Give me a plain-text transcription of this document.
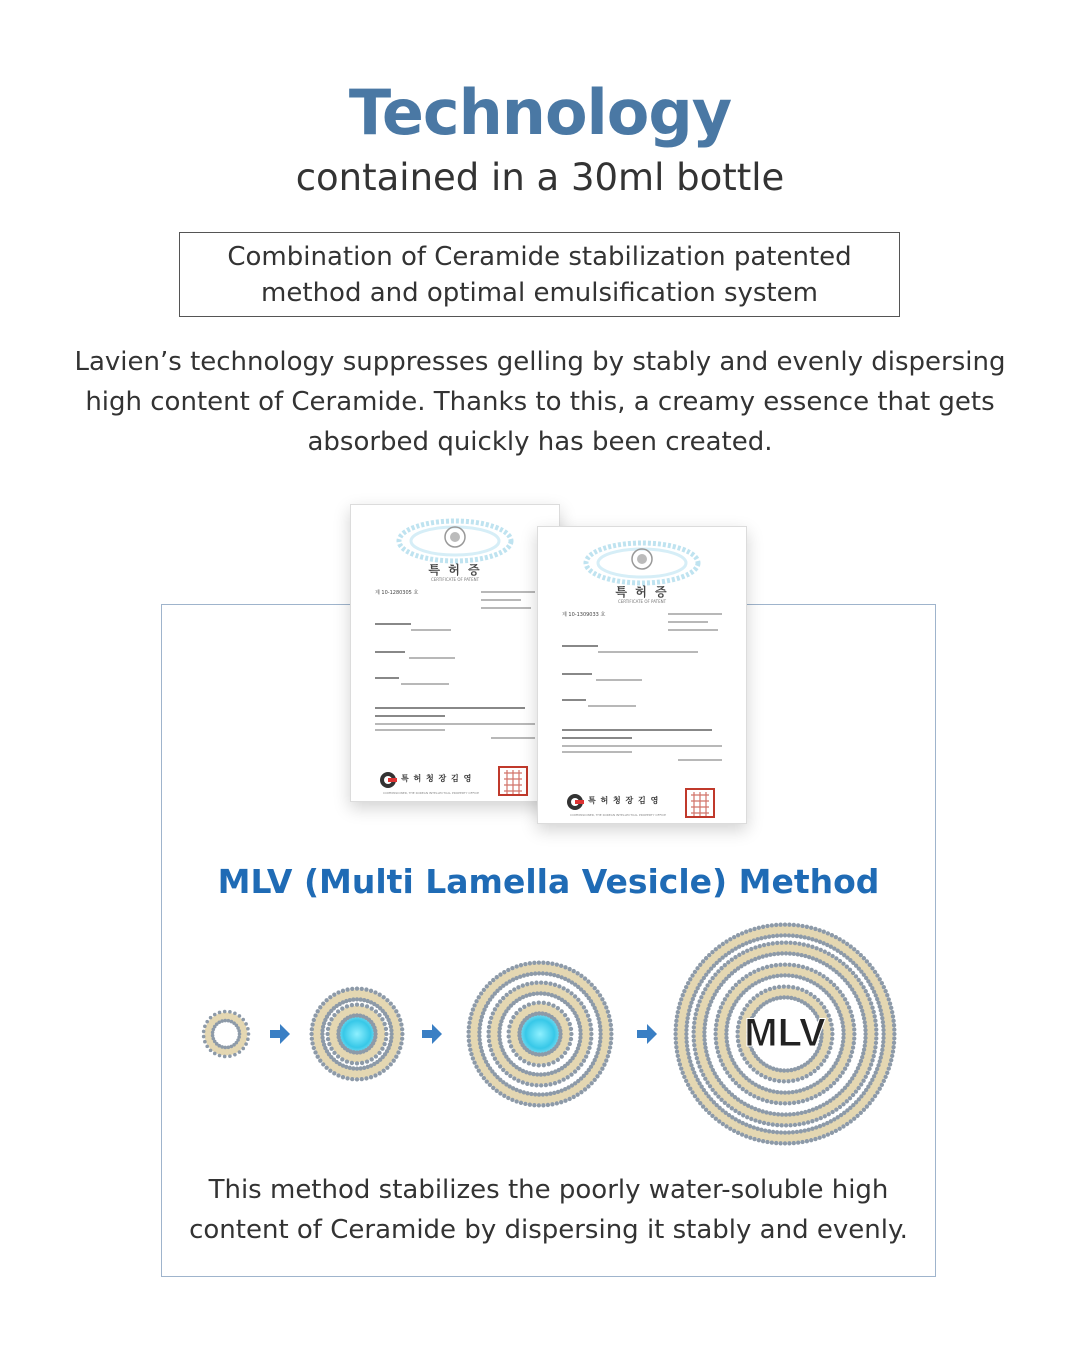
Technology
contained in a 30ml bottle
Combination of Ceramide stabilization patented
method and optimal emulsification system
Lavien’s technology suppresses gelling by stably and evenly dispersing
high content of Ceramide. Thanks to this, a creamy essence that gets
absorbed quickly has been created.
특 허 증
CERTIFICATE OF PATENT
제 10-1280305 호
특 허 청 장 김 영
COMMISSIONER, THE KOREAN INTELLECTUAL PROPERTY OFFICE
특 허 증
CERTIFICATE OF PATENT
제 10-1309033 호
특 허 청 장 김 영
COMMISSIONER, THE KOREAN INTELLECTUAL PROPERTY OFFICE
MLV (Multi Lamella Vesicle) Method
MLV
This method stabilizes the poorly water-soluble high
content of Ceramide by dispersing it stably and evenly.
